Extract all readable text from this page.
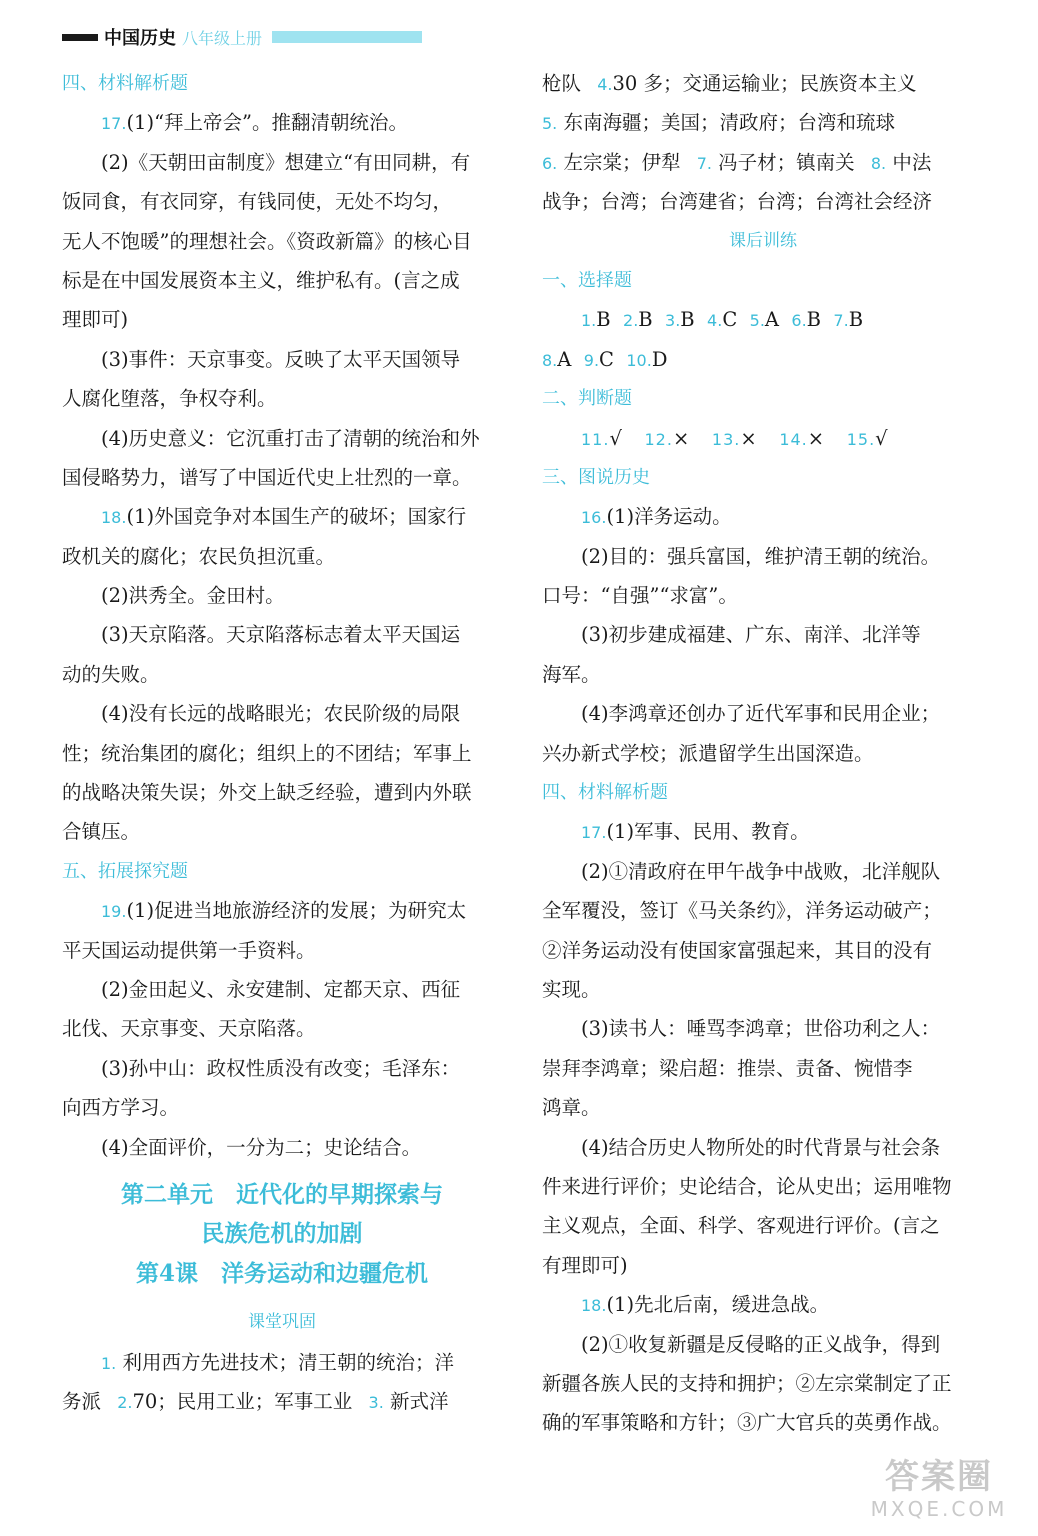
中国历史 八年级上册
四、材料解析题
17.(1)“拜上帝会”。推翻清朝统治。
(2)《天朝田亩制度》想建立“有田同耕，有
饭同食，有衣同穿，有钱同使，无处不均匀，
无人不饱暖”的理想社会。《资政新篇》的核心目
标是在中国发展资本主义，维护私有。(言之成
理即可)
(3)事件：天京事变。反映了太平天国领导
人腐化堕落，争权夺利。
(4)历史意义：它沉重打击了清朝的统治和外
国侵略势力，谱写了中国近代史上壮烈的一章。
18.(1)外国竞争对本国生产的破坏；国家行
政机关的腐化；农民负担沉重。
(2)洪秀全。金田村。
(3)天京陷落。天京陷落标志着太平天国运
动的失败。
(4)没有长远的战略眼光；农民阶级的局限
性；统治集团的腐化；组织上的不团结；军事上
的战略决策失误；外交上缺乏经验，遭到内外联
合镇压。
五、拓展探究题
19.(1)促进当地旅游经济的发展；为研究太
平天国运动提供第一手资料。
(2)金田起义、永安建制、定都天京、西征
北伐、天京事变、天京陷落。
(3)孙中山：政权性质没有改变；毛泽东：
向西方学习。
(4)全面评价，一分为二；史论结合。
第二单元　近代化的早期探索与
民族危机的加剧
第4课　洋务运动和边疆危机
课堂巩固
1. 利用西方先进技术；清王朝的统治；洋
务派 2.70；民用工业；军事工业 3. 新式洋
枪队 4.30 多；交通运输业；民族资本主义
5. 东南海疆；美国；清政府；台湾和琉球
6. 左宗棠；伊犁 7. 冯子材；镇南关 8. 中法
战争；台湾；台湾建省；台湾；台湾社会经济
课后训练
一、选择题
1.B 2.B 3.B 4.C 5.A 6.B 7.B
8.A 9.C 10.D
二、判断题
11.√ 12.× 13.× 14.× 15.√
三、图说历史
16.(1)洋务运动。
(2)目的：强兵富国，维护清王朝的统治。
口号：“自强”“求富”。
(3)初步建成福建、广东、南洋、北洋等
海军。
(4)李鸿章还创办了近代军事和民用企业；
兴办新式学校；派遣留学生出国深造。
四、材料解析题
17.(1)军事、民用、教育。
(2)①清政府在甲午战争中战败，北洋舰队
全军覆没，签订《马关条约》，洋务运动破产；
②洋务运动没有使国家富强起来，其目的没有
实现。
(3)读书人：唾骂李鸿章；世俗功利之人：
崇拜李鸿章；梁启超：推崇、责备、惋惜李
鸿章。
(4)结合历史人物所处的时代背景与社会条
件来进行评价；史论结合，论从史出；运用唯物
主义观点，全面、科学、客观进行评价。(言之
有理即可)
18.(1)先北后南，缓进急战。
(2)①收复新疆是反侵略的正义战争，得到
新疆各族人民的支持和拥护；②左宗棠制定了正
确的军事策略和方针；③广大官兵的英勇作战。
答案圈
MXQE.COM
